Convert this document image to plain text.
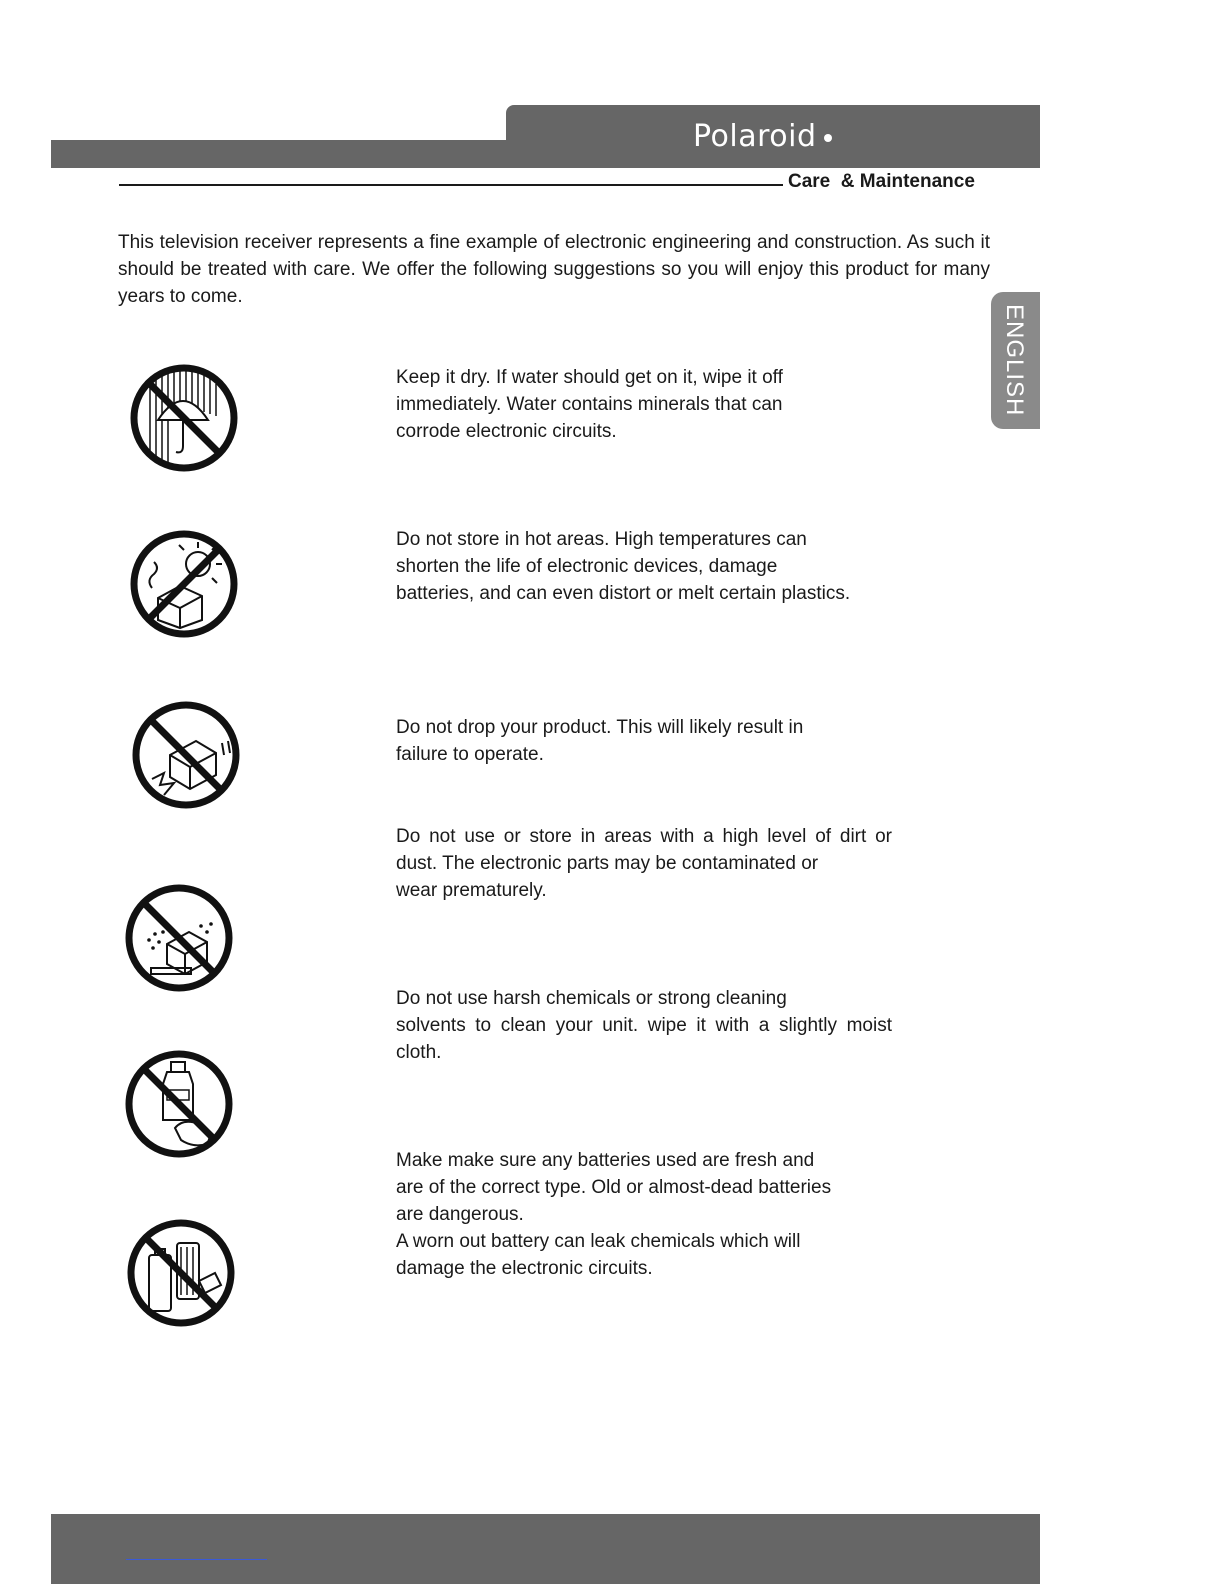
Polaroid
Care  & Maintenance
This television receiver represents a fine example of electronic engineering and construction. As such it should be treated with care. We offer the following suggestions so you will enjoy this product for many years to come.
ENGLISH
Keep it dry. If water should get on it, wipe it off
immediately. Water contains minerals that can
corrode electronic circuits.
Do not store in hot areas. High temperatures can
shorten the life of electronic devices, damage
batteries, and can even distort or melt certain plastics.
Do not drop your product. This will likely result in
failure to operate.
Do not use or store in areas with a high level of dirt or
dust. The electronic parts may be contaminated or
wear prematurely.
Do not use harsh chemicals or strong cleaning
solvents to clean your unit. wipe it with a slightly moist
cloth.
Make make sure any batteries used are fresh and
are of the correct type. Old or almost-dead batteries
are dangerous.
A worn out battery can leak chemicals which will
damage the electronic circuits.
